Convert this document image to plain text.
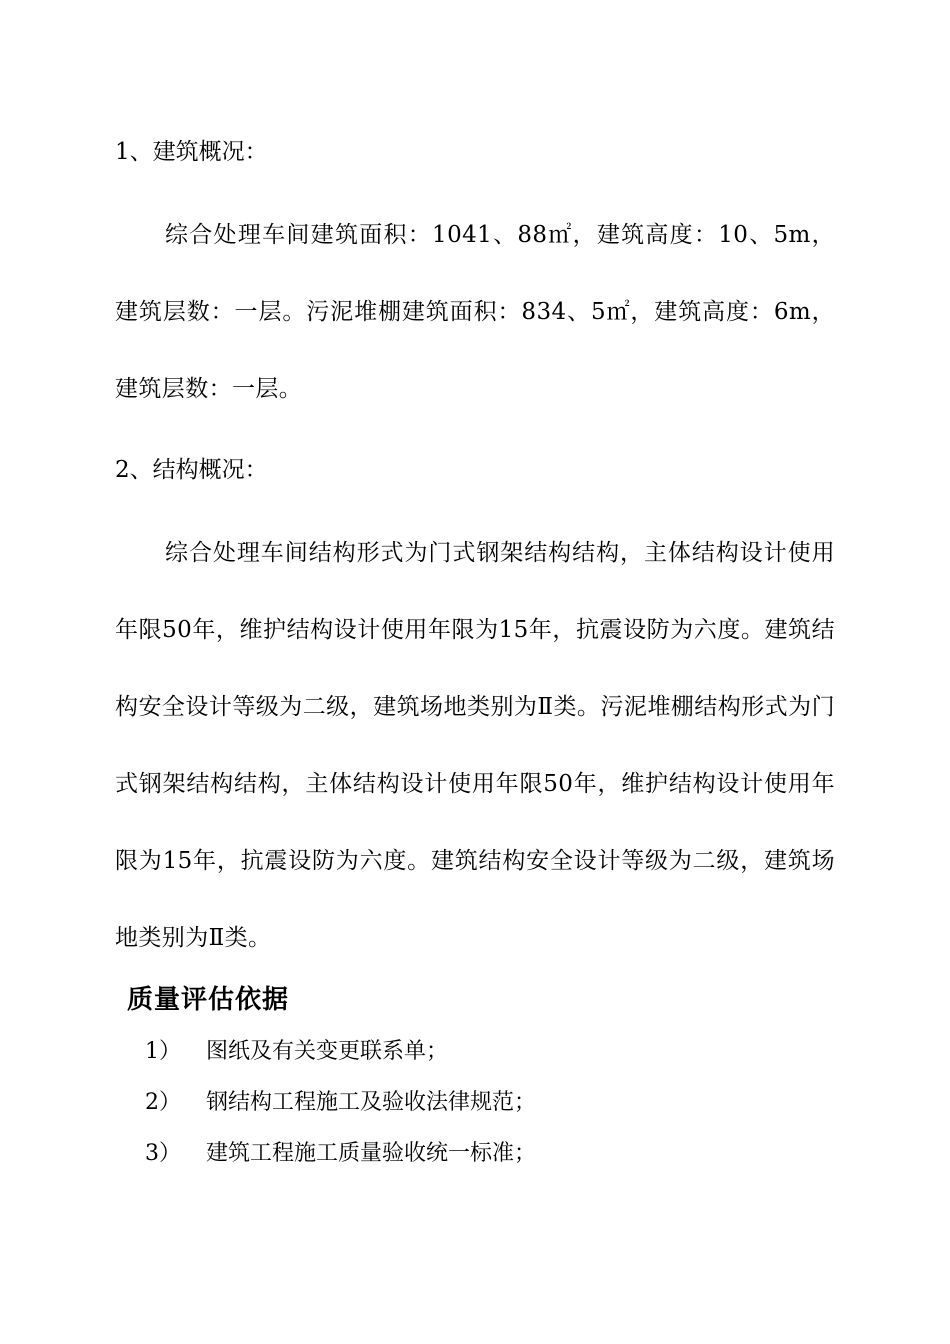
1、建筑概况：
综合处理车间建筑面积：1041、88㎡，建筑高度：10、5m，建筑层数：一层。污泥堆棚建筑面积：834、5㎡，建筑高度：6m，建筑层数：一层。
2、结构概况：
综合处理车间结构形式为门式钢架结构结构，主体结构设计使用年限50年，维护结构设计使用年限为15年，抗震设防为六度。建筑结构安全设计等级为二级，建筑场地类别为Ⅱ类。污泥堆棚结构形式为门式钢架结构结构，主体结构设计使用年限50年，维护结构设计使用年限为15年，抗震设防为六度。建筑结构安全设计等级为二级，建筑场地类别为Ⅱ类。
质量评估依据
1）	图纸及有关变更联系单；
2）	钢结构工程施工及验收法律规范；
3）	建筑工程施工质量验收统一标准；
